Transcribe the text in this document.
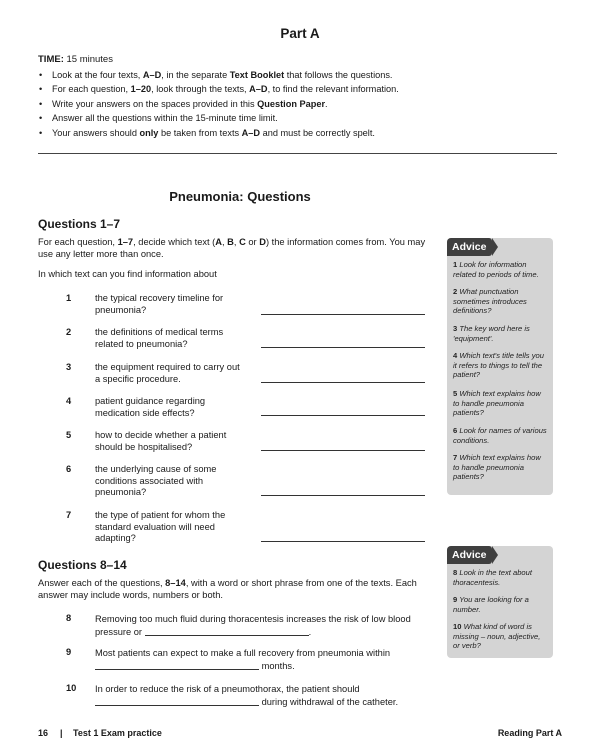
Part A
TIME: 15 minutes
• Look at the four texts, A–D, in the separate Text Booklet that follows the questions.
• For each question, 1–20, look through the texts, A–D, to find the relevant information.
• Write your answers on the spaces provided in this Question Paper.
• Answer all the questions within the 15-minute time limit.
• Your answers should only be taken from texts A–D and must be correctly spelt.
Pneumonia: Questions
Questions 1–7
For each question, 1–7, decide which text (A, B, C or D) the information comes from. You may use any letter more than once.
In which text can you find information about
1	the typical recovery timeline for pneumonia?
2	the definitions of medical terms related to pneumonia?
3	the equipment required to carry out a specific procedure.
4	patient guidance regarding medication side effects?
5	how to decide whether a patient should be hospitalised?
6	the underlying cause of some conditions associated with pneumonia?
7	the type of patient for whom the standard evaluation will need adapting?
Advice
1 Look for information related to periods of time.
2 What punctuation sometimes introduces definitions?
3 The key word here is 'equipment'.
4 Which text's title tells you it refers to things to tell the patient?
5 Which text explains how to handle pneumonia patients?
6 Look for names of various conditions.
7 Which text explains how to handle pneumonia patients?
Questions 8–14
Answer each of the questions, 8–14, with a word or short phrase from one of the texts. Each answer may include words, numbers or both.
8	Removing too much fluid during thoracentesis increases the risk of low blood pressure or	.
9	Most patients can expect to make a full recovery from pneumonia within  months.
10 In order to reduce the risk of a pneumothorax, the patient should  during withdrawal of the catheter.
Advice
8 Look in the text about thoracentesis.
9 You are looking for a number.
10 What kind of word is missing – noun, adjective, or verb?
16 | Test 1 Exam practice	Reading Part A
